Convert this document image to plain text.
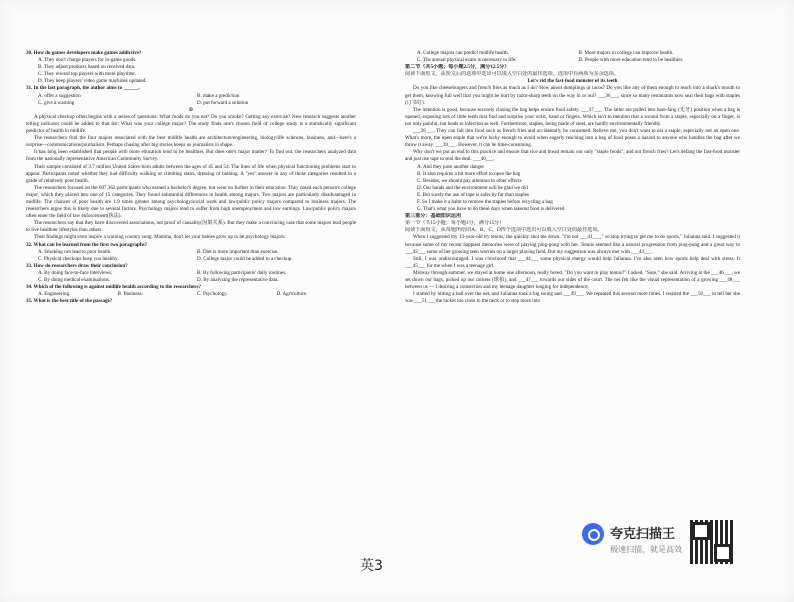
30. How do games developers make games addictive?
A. They don't charge players for in-game goods.
B. They adjust products based on received data.
C. They reward top players with more playtime.
D. They keep players' video game machines updated.
31. In the last paragraph, the author aims to ______.
A. offer a suggestion	B. make a prediction
C. give a warning	D. put forward a solution
D

A physical checkup often begins with a series of questions: What foods do you eat? Do you smoke? Getting any exercise? New research suggests another telling indicator could be added to that list: What was your college major? The study finds one's chosen field of college study is a statistically significant predictor of health in midlife.

The researchers find the four majors associated with the best midlife health are architecture/engineering, biology/life sciences, business, and—here's a surprise—communications/journalism. Perhaps chasing after big stories keeps us journalists in shape.

It has long been established that people with more education tend to be healthier. But does one's major matter? To find out, the researchers analyzed data from the nationally representative American Community Survey.

Their sample consisted of 3.7 million United States-born adults between the ages of 45 and 54. The lines of life when physical functioning problems start to appear. Participants noted whether they had difficulty walking or climbing stairs, dressing or bathing. A "yes" answer in any of those categories resulted in a grade of relatively poor health.

The researchers focused on the 607,362 participants who earned a bachelor's degree, but went no further in their education. They noted each person's college major, which they placed into one of 15 categories. They found substantial differences in health among majors. Two majors are particularly disadvantaged in midlife. The chances of poor health are 1.9 times greater among psychology/social work and law/public policy majors compared to business majors. The researchers argue this is likely due to several factors. Psychology majors tend to suffer from high unemployment and low earnings. Law/public policy majors often enter the field of law enforcement(执法).

The researchers say that they have discovered associations, not proof of causality(因果关系). But they make a convincing case that some majors lead people to live healthier lifestyles than others.

Their findings might even inspire a warning country song: Mamma, don't let your babies grow up to be psychology majors.

32. What can be learned from the first two paragraphs?
A. Smoking can lead to poor health.	B. Diet is more important than exercise.
C. Physical checkups keep you healthy.	D. College major could be added to a checkup.
33. How do researchers draw their conclusion?
A. By doing face-to-face interviews.	B. By following participants' daily routines.
C. By doing medical examinations.	D. By analyzing the representative data.
34. Which of the following is against midlife health according to the researchers?
A. Engineering.	B. Business.	C. Psychology.	D. Agriculture.
35. What is the best title of the passage?
A. College majors can predict midlife health.	B. More majors in college can improve health.
C. The annual physical exam is necessary to life.	D. People with more education tend to be healthier.
第二节（共5小题；每小题2.5分，满分12.5分）
阅读下面短文，从短文后的选项中选出可以填入空白处的最佳选项。选项中有两项为多余选项。
Let's rid the fast-food monster of its teeth

Do you like cheeseburgers and french fries as much as I do? How about dumplings or tacos? Do you like any of them enough to reach into a shark's mouth to get them, knowing full well that you might be hurt by razor-sharp teeth on the way in or out? ___36___, since so many restaurants now seal their bags with staples (订书钉).

The intention is good, because securely closing the bag helps ensure food safety. ___37___. The latter are pulled into bare-fang (无牙) position when a bag is opened, exposing lots of little teeth that find and surprise your wrist, hand or fingers. Which isn't to mention that a wound from a staple, especially on a finger, is not only painful, but leads to infection as well. Furthermore, staples, being made of steel, are hardly environmentally friendly.

___38___. They can fall into food such as french fries and accidentally be consumed. Believe me, you don't want to eat a staple, especially not an open one. What's more, the open staple that we're lucky enough to avoid when eagerly reaching into a bag of food poses a hazard to anyone who handles the bag after we throw it away. ___39___. However, it can be time-consuming.

Why don't we put an end to this practice and ensure that rice and bread remain our only "staple foods", and not french fries? Let's defang the fast-food monster and just use tape to seal the deal. ___40___.

A. And they pose another danger
B. It also requires a bit more effort to open the bag
C. Besides, we should pay attention to other effects
D. Our hands and the environment will be glad we did
E. But surely the use of tape is safer by far than staples
F. So I make it a habit to remove the staples before recycling a bag
G. That's what you have to do these days when takeout food is delivered
第三部分：基础知识运用
第一节（共15小题；每小题1分，满分15分）
阅读下面短文，从每题所给的A、B、C、D四个选项中选出可以填入空白处的最佳选项。

When I suggested my 13-year-old try tennis, she quickly shot me down. "I'm not ___41___," so stop trying to get me to do sports," Julianna said. I suggested it because some of my recent happiest memories were of playing ping-pong with her. Tennis seemed like a natural progression from ping-pong and a great way to ___42___ some of her growing teen worries on a larger playing field. But my suggestion was always met with ___43___.

Still, I was undiscouraged. I was convinced that ___44___ some physical energy would help Julianna. I've also seen how sports help deal with stress. It ___45___ for me when I was a teenage girl.

Midway through summer, we stayed at home one afternoon, really bored. "Do you want to play tennis?" I asked. "Sure," she said. Arriving at the ___46___, we set down our bags, picked up our rackets (球拍), and ___47___ towards our sides of the court. The net felt like the visual representation of a growing ___48___ between us — I desiring a connection and my teenage daughter longing for independence.

I started by hitting a ball over the net, and Julianna took a big swing and ___49___. We repeated this several more times. I resisted the ___50___ to tell her she was ___51___ the racket too close to the neck or to step more into

英3
夸克扫描王
极速扫描，就是高效
